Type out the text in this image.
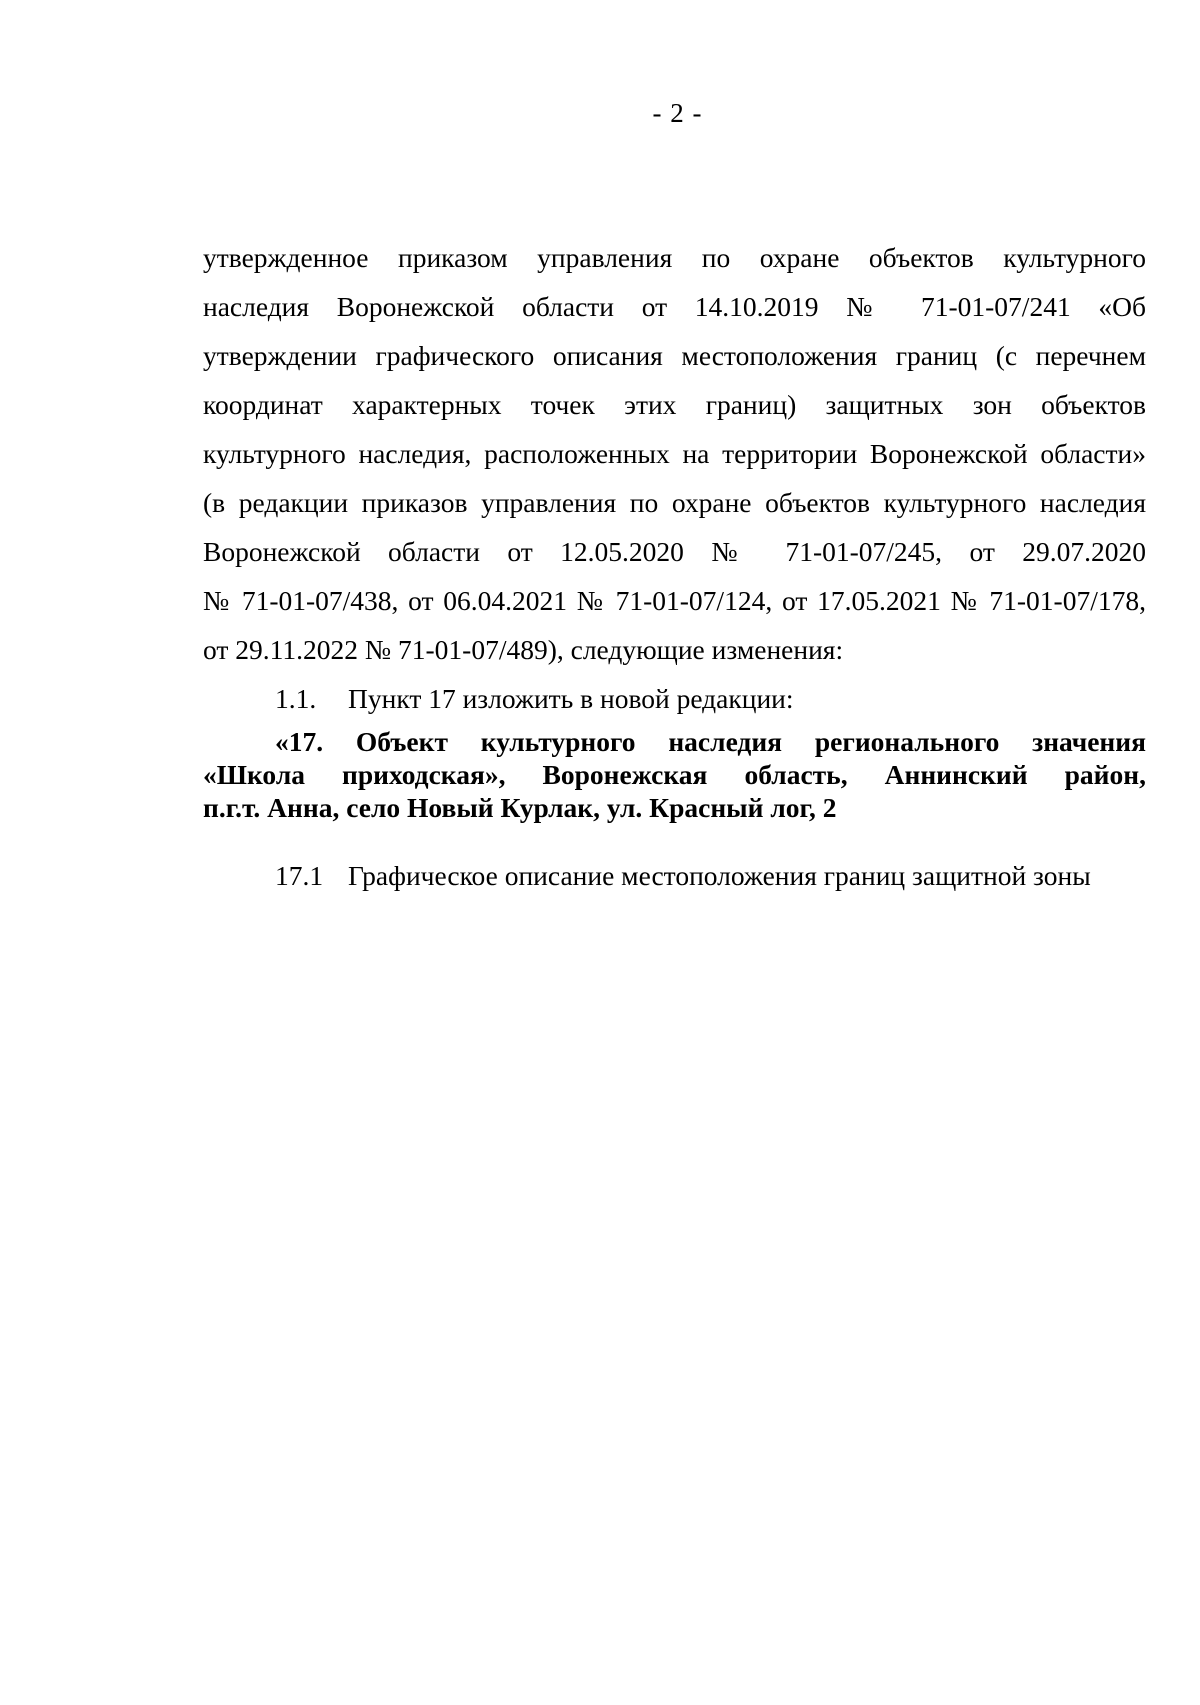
- 2 -
утвержденное приказом управления по охране объектов культурного
наследия Воронежской области от 14.10.2019 № 71-01-07/241 «Об
утверждении графического описания местоположения границ (с перечнем
координат характерных точек этих границ) защитных зон объектов
культурного наследия, расположенных на территории Воронежской области»
(в редакции приказов управления по охране объектов культурного наследия
Воронежской области от 12.05.2020 № 71-01-07/245, от 29.07.2020
№ 71-01-07/438, от 06.04.2021 № 71-01-07/124, от 17.05.2021 № 71-01-07/178,
от 29.11.2022 № 71-01-07/489), следующие изменения:
1.1. Пункт 17 изложить в новой редакции:
«17. Объект культурного наследия регионального значения
«Школа приходская», Воронежская область, Аннинский район,
п.г.т. Анна, село Новый Курлак, ул. Красный лог, 2
17.1 Графическое описание местоположения границ защитной зоны
